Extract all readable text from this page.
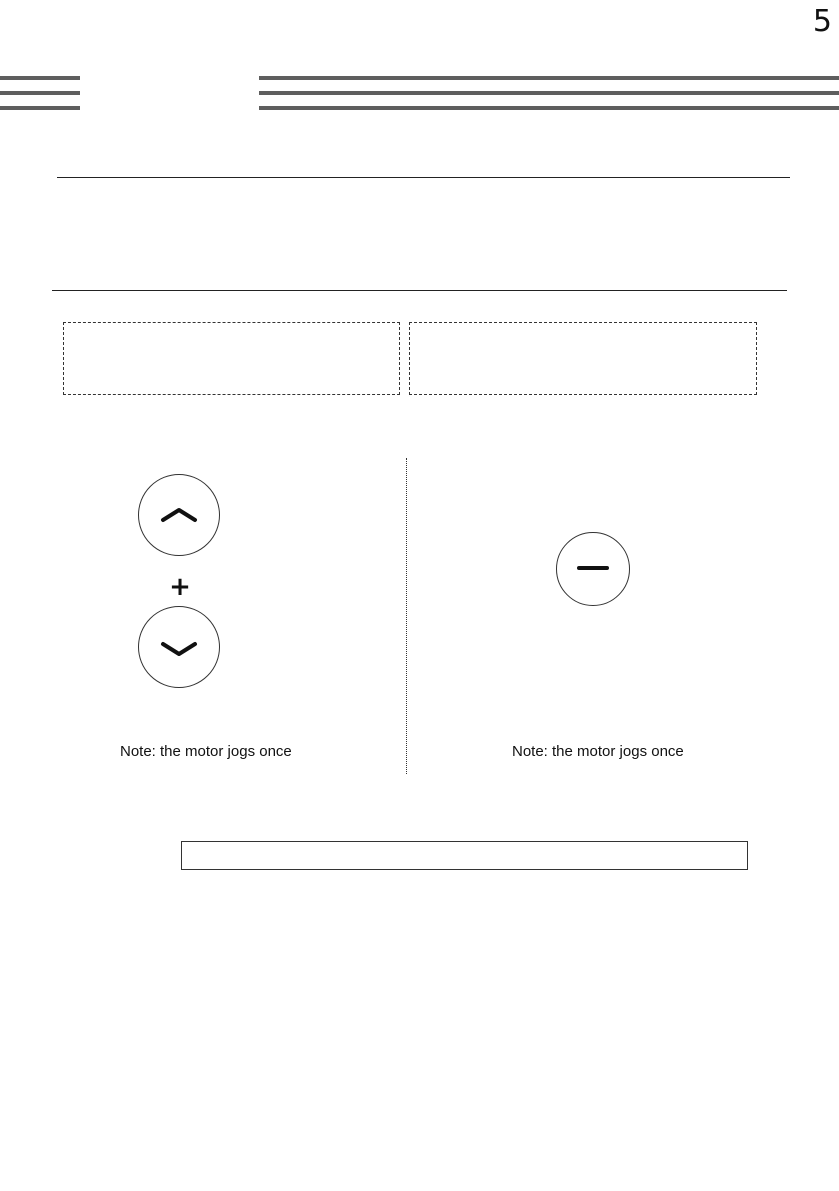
5
+
Note: the motor jogs once	Note: the motor jogs once
